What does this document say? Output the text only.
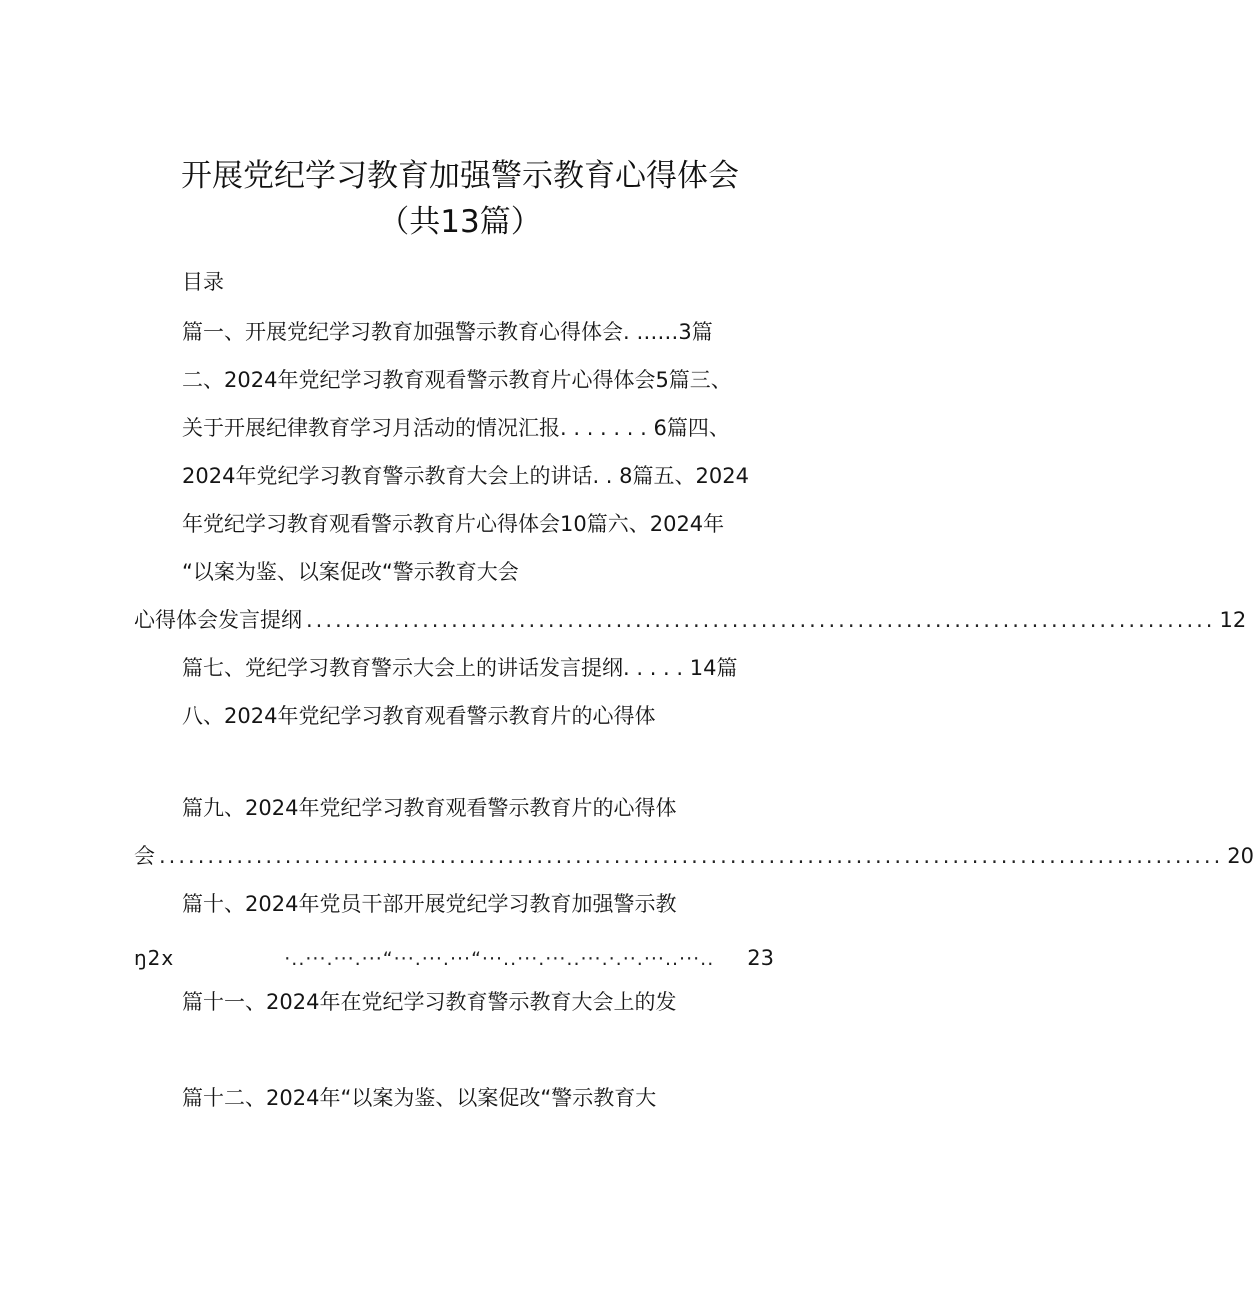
开展党纪学习教育加强警示教育心得体会
（共13篇）
目录
篇一、开展党纪学习教育加强警示教育心得体会. ……3篇
二、2024年党纪学习教育观看警示教育片心得体会5篇三、
关于开展纪律教育学习月活动的情况汇报. . . . . . . 6篇四、
2024年党纪学习教育警示教育大会上的讲话. . 8篇五、2024
年党纪学习教育观看警示教育片心得体会10篇六、2024年
“以案为鉴、以案促改“警示教育大会
心得体会发言提纲 .............................................................................................. 12
篇七、党纪学习教育警示大会上的讲话发言提纲. . . . . 14篇
八、2024年党纪学习教育观看警示教育片的心得体
篇九、2024年党纪学习教育观看警示教育片的心得体
会 .............................................................................................................. 20
篇十、2024年党员干部开展党纪学习教育加强警示教
ŋ2x	·..···.···.···“···.···.···“···..···.···..···.·.··.···..···..	23
篇十一、2024年在党纪学习教育警示教育大会上的发
篇十二、2024年“以案为鉴、以案促改“警示教育大
